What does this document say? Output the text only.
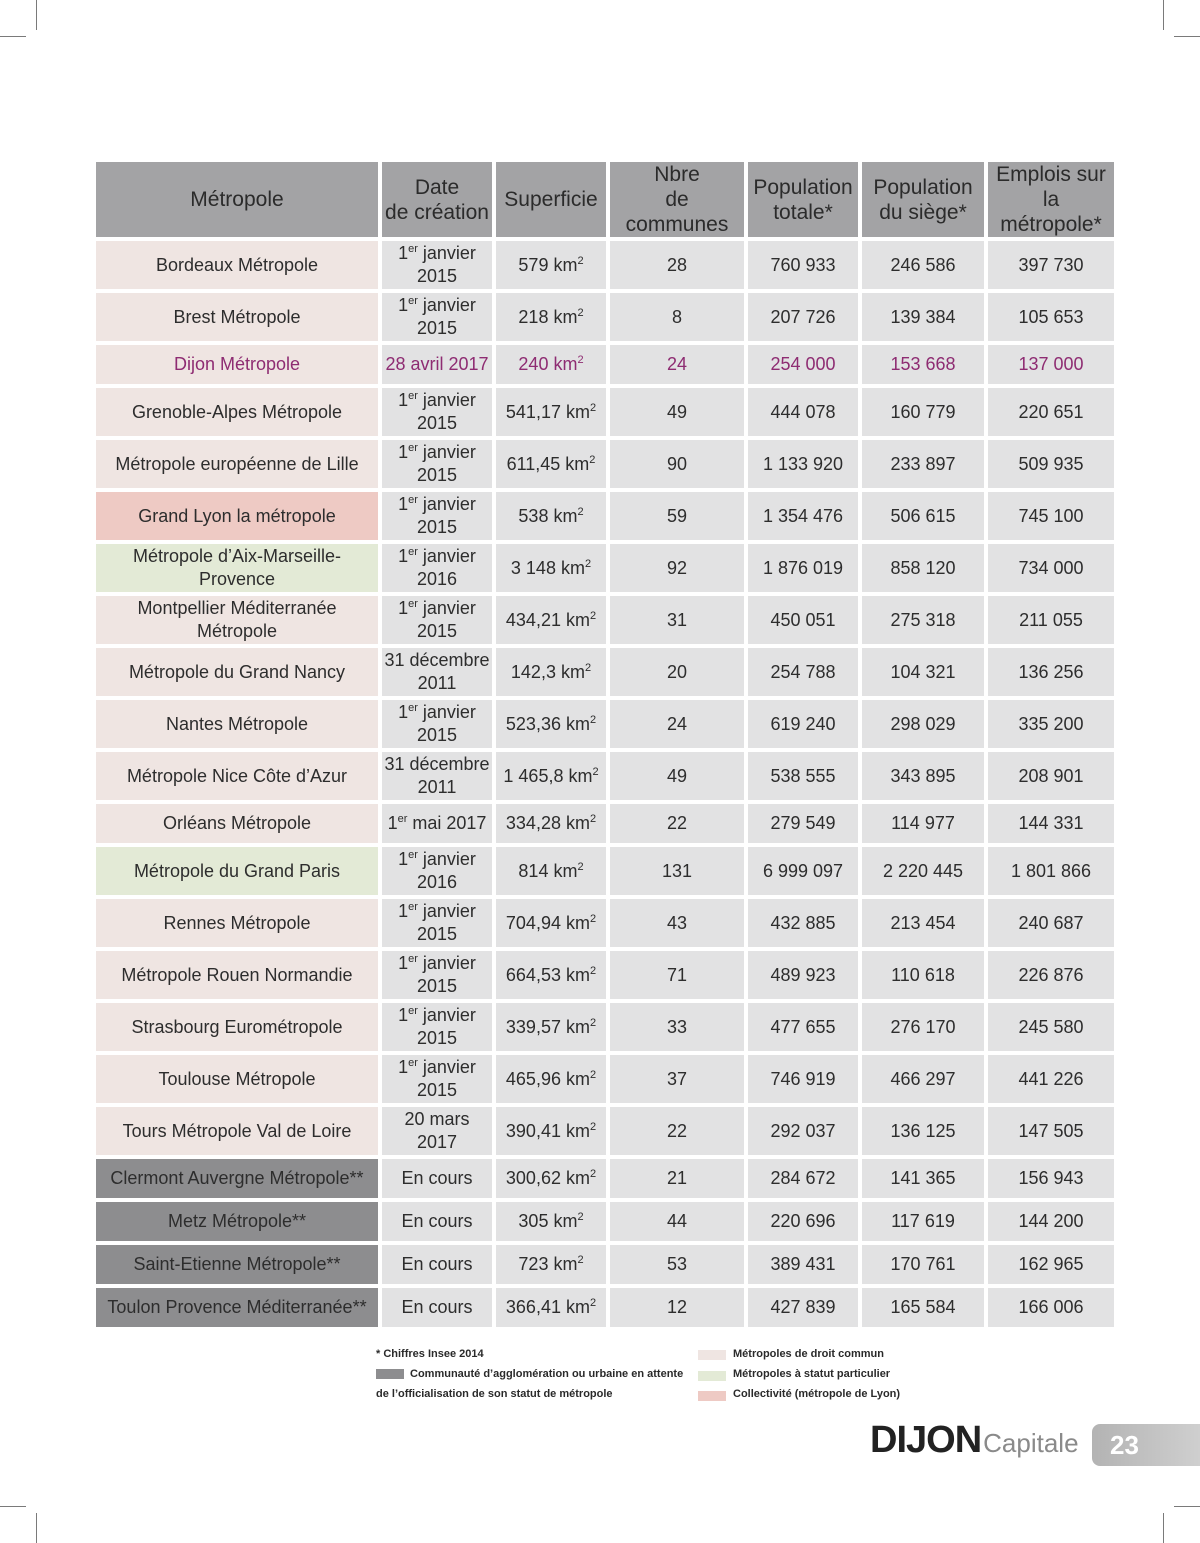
Métropole	Date
de création	Superficie	Nbre
de communes	Population
totale*	Population
du siège*	Emplois sur
la métropole*
Bordeaux Métropole	1er janvier
2015	579 $km^2$	28	760 933	246 586	397 730
Brest Métropole	1er janvier
2015	218 $km^2$	8	207 726	139 384	105 653
Dijon Métropole	28 avril 2017	240 $km^2$	24	254 000	153 668	137 000
Grenoble-Alpes Métropole	1er janvier
2015	541,17 $km^2$	49	444 078	160 779	220 651
Métropole européenne de Lille	1er janvier
2015	611,45 $km^2$	90	1 133 920	233 897	509 935
Grand Lyon la métropole	1er janvier
2015	538 $km^2$	59	1 354 476	506 615	745 100
Métropole d’Aix-Marseille-Provence	1er janvier
2016	3 148 $km^2$	92	1 876 019	858 120	734 000
Montpellier Méditerranée Métropole	1er janvier
2015	434,21 $km^2$	31	450 051	275 318	211 055
Métropole du Grand Nancy	31 décembre
2011	142,3 $km^2$	20	254 788	104 321	136 256
Nantes Métropole	1er janvier
2015	523,36 $km^2$	24	619 240	298 029	335 200
Métropole Nice Côte d’Azur	31 décembre
2011	1 465,8 $km^2$	49	538 555	343 895	208 901
Orléans Métropole	1er mai 2017	334,28 $km^2$	22	279 549	114 977	144 331
Métropole du Grand Paris	1er janvier
2016	814 $km^2$	131	6 999 097	2 220 445	1 801 866
Rennes Métropole	1er janvier
2015	704,94 $km^2$	43	432 885	213 454	240 687
Métropole Rouen Normandie	1er janvier
2015	664,53 $km^2$	71	489 923	110 618	226 876
Strasbourg Eurométropole	1er janvier
2015	339,57 $km^2$	33	477 655	276 170	245 580
Toulouse Métropole	1er janvier
2015	465,96 $km^2$	37	746 919	466 297	441 226
Tours Métropole Val de Loire	20 mars
2017	390,41 $km^2$	22	292 037	136 125	147 505
Clermont Auvergne Métropole**	En cours	300,62 $km^2$	21	284 672	141 365	156 943
Metz Métropole**	En cours	305 $km^2$	44	220 696	117 619	144 200
Saint-Etienne Métropole**	En cours	723 $km^2$	53	389 431	170 761	162 965
Toulon Provence Méditerranée**	En cours	366,41 $km^2$	12	427 839	165 584	166 006
* Chiffres Insee 2014
Communauté d’agglomération ou urbaine en attente
de l’officialisation de son statut de métropole
Métropoles de droit commun
Métropoles à statut particulier
Collectivité (métropole de Lyon)
DIJON Capitale 23
